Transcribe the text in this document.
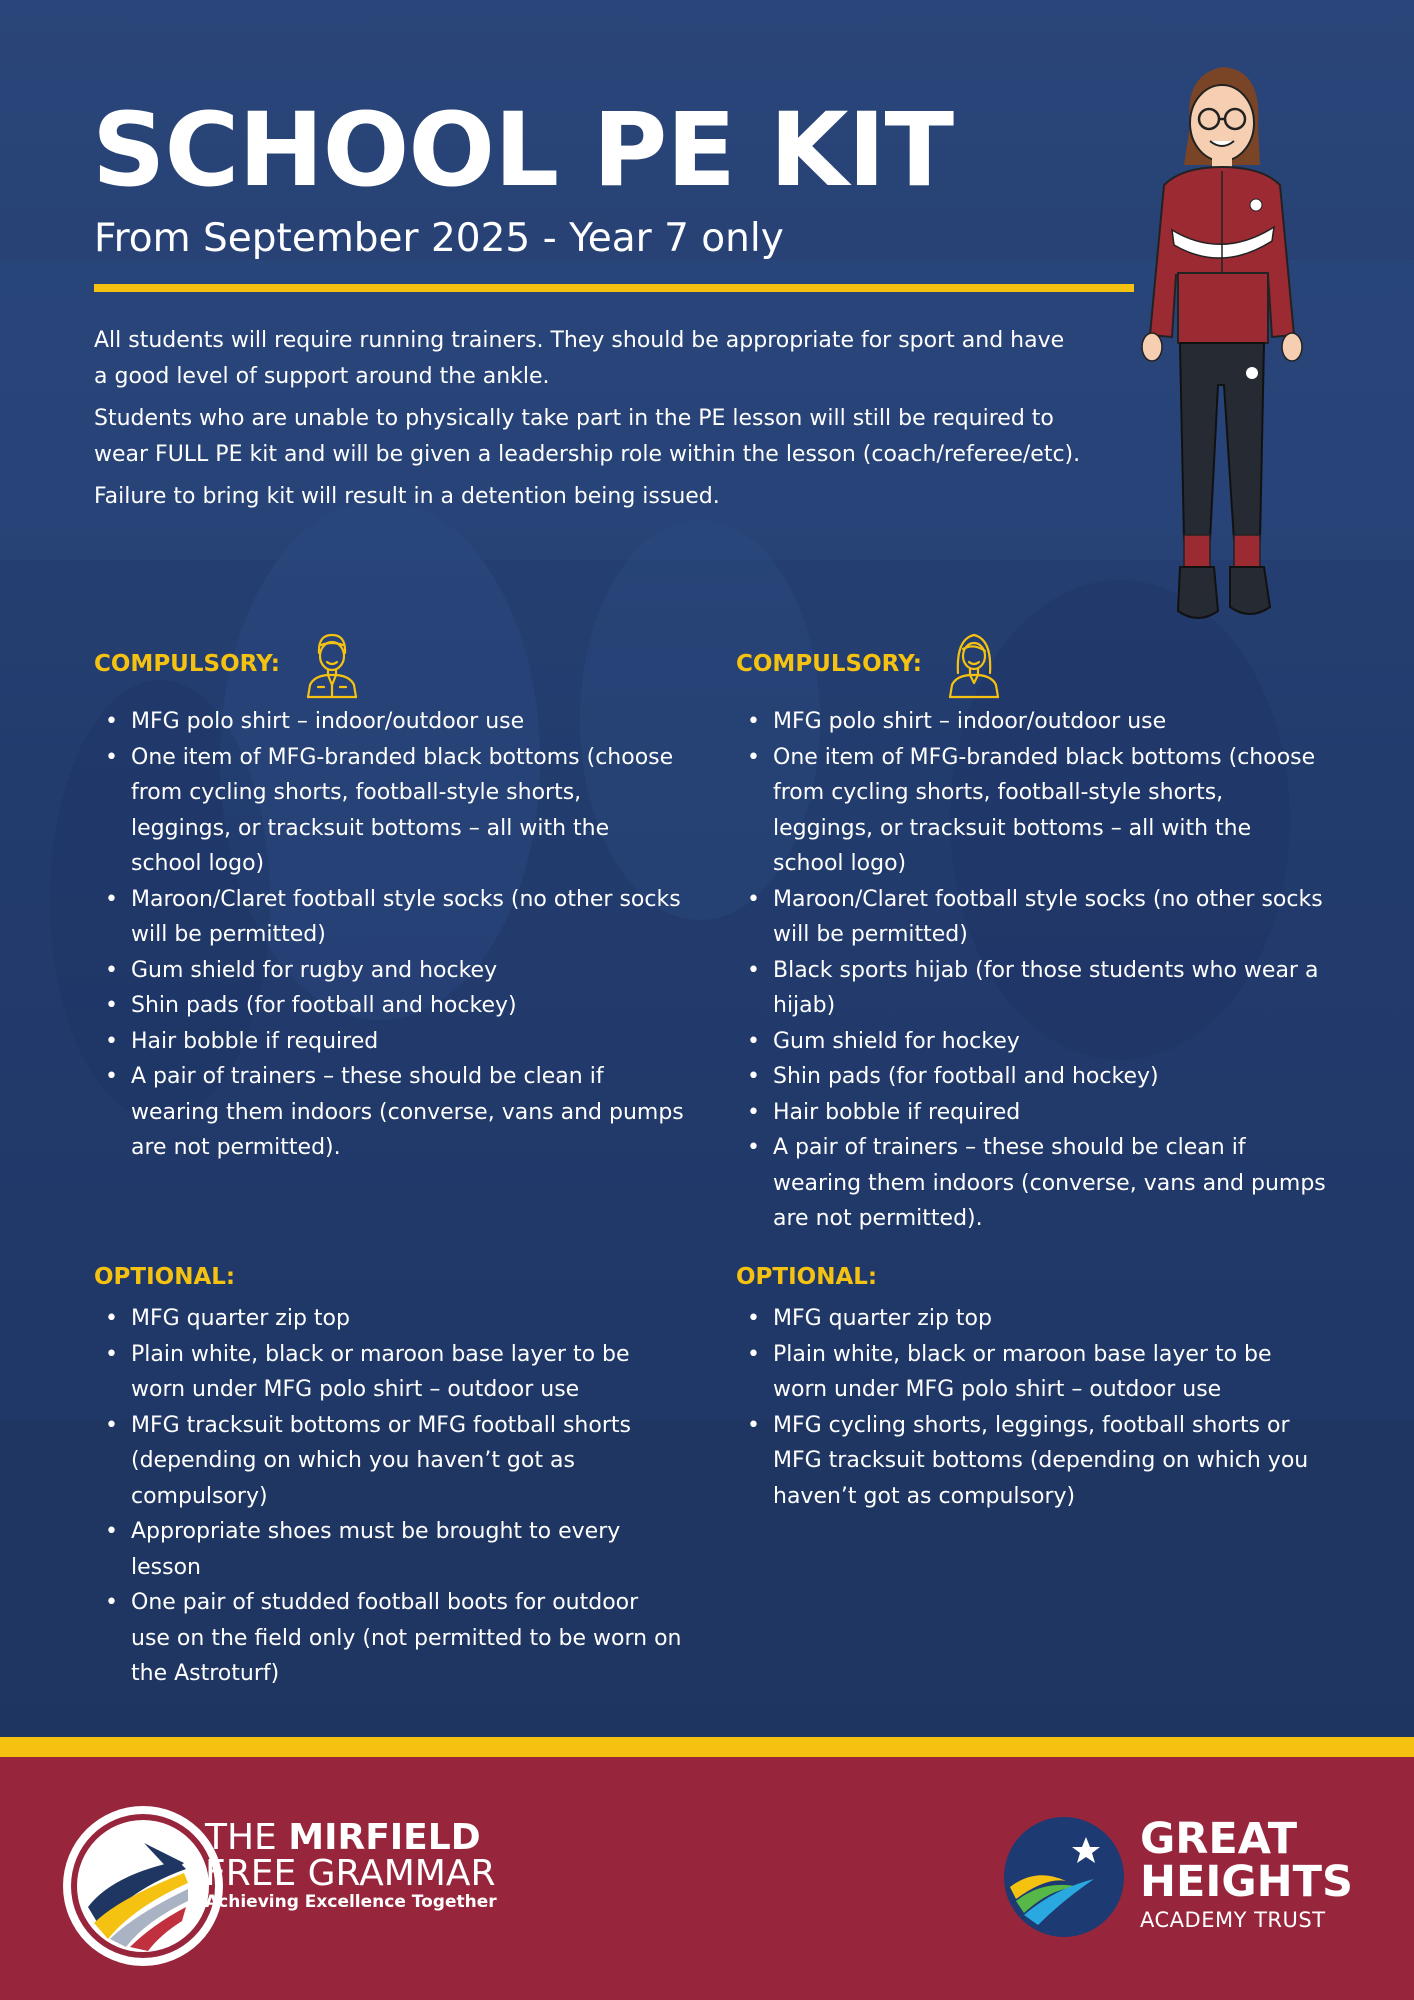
SCHOOL PE KIT
From September 2025 - Year 7 only

All students will require running trainers. They should be appropriate for sport and have a good level of support around the ankle.

Students who are unable to physically take part in the PE lesson will still be required to wear FULL PE kit and will be given a leadership role within the lesson (coach/referee/etc).

Failure to bring kit will result in a detention being issued.

COMPULSORY:
• MFG polo shirt – indoor/outdoor use
• One item of MFG-branded black bottoms (choose from cycling shorts, football-style shorts, leggings, or tracksuit bottoms – all with the school logo)
• Maroon/Claret football style socks (no other socks will be permitted)
• Gum shield for rugby and hockey
• Shin pads (for football and hockey)
• Hair bobble if required
• A pair of trainers – these should be clean if wearing them indoors (converse, vans and pumps are not permitted).
COMPULSORY:
• MFG polo shirt – indoor/outdoor use
• One item of MFG-branded black bottoms (choose from cycling shorts, football-style shorts, leggings, or tracksuit bottoms – all with the school logo)
• Maroon/Claret football style socks (no other socks will be permitted)
• Black sports hijab (for those students who wear a hijab)
• Gum shield for hockey
• Shin pads (for football and hockey)
• Hair bobble if required
• A pair of trainers – these should be clean if wearing them indoors (converse, vans and pumps are not permitted).
OPTIONAL:
• MFG quarter zip top
• Plain white, black or maroon base layer to be worn under MFG polo shirt – outdoor use
• MFG tracksuit bottoms or MFG football shorts (depending on which you haven’t got as compulsory)
• Appropriate shoes must be brought to every lesson
• One pair of studded football boots for outdoor use on the field only (not permitted to be worn on the Astroturf)
OPTIONAL:
• MFG quarter zip top
• Plain white, black or maroon base layer to be worn under MFG polo shirt – outdoor use
• MFG cycling shorts, leggings, football shorts or MFG tracksuit bottoms (depending on which you haven’t got as compulsory)
THE MIRFIELD
FREE GRAMMAR
Achieving Excellence Together
GREAT
HEIGHTS
ACADEMY TRUST
